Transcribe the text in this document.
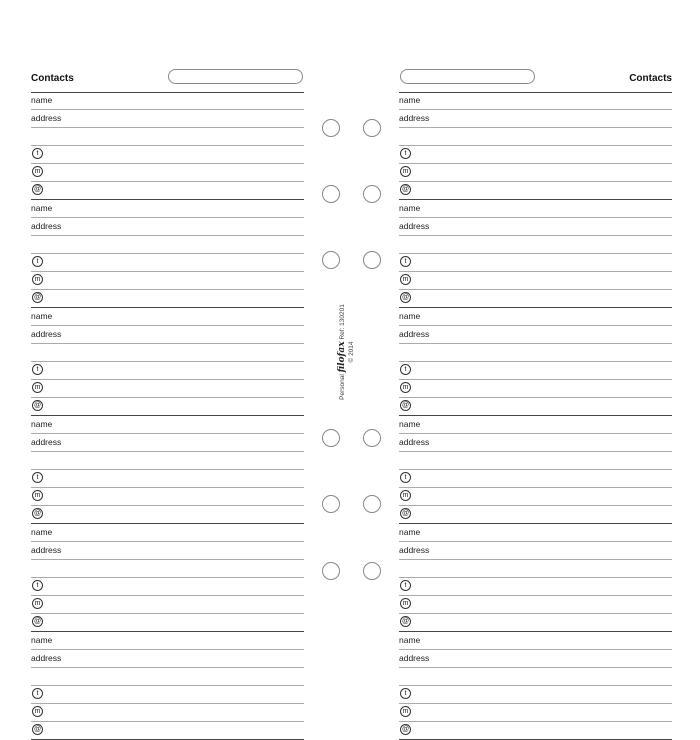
Contacts
name
address
t
m
@
name
address
t
m
@
name
address
t
m
@
name
address
t
m
@
name
address
t
m
@
name
address
t
m
@
Contacts
name
address
t
m
@
name
address
t
m
@
name
address
t
m
@
name
address
t
m
@
name
address
t
m
@
name
address
t
m
@
Personal filofax Ref: 130201
© 2014
